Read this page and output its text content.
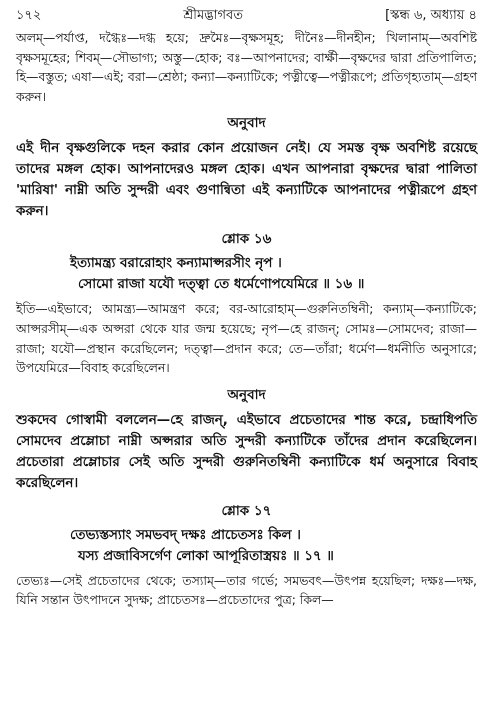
১৭২	শ্রীমদ্ভাগবত	[স্কন্ধ ৬, অধ্যায় ৪

অলম্—পর্যাপ্ত, দগ্ধৈঃ—দগ্ধ হয়ে; দ্রুমৈঃ—বৃক্ষসমূহ; দীনৈঃ—দীনহীন; খিলানাম্—অবশিষ্ট বৃক্ষসমূহের; শিবম্—সৌভাগ্য; অস্তু—হোক; বঃ—আপনাদের; বার্ক্ষী—বৃক্ষদের দ্বারা প্রতিপালিত; হি—বস্তুত; এষা—এই; বরা—শ্রেষ্ঠা; কন্যা—কন্যাটিকে; পত্নীত্বে—পত্নীরূপে; প্রতিগৃহ্যতাম্—গ্রহণ করুন।

অনুবাদ

এই দীন বৃক্ষগুলিকে দহন করার কোন প্রয়োজন নেই। যে সমস্ত বৃক্ষ অবশিষ্ট রয়েছে তাদের মঙ্গল হোক। আপনাদেরও মঙ্গল হোক। এখন আপনারা বৃক্ষদের দ্বারা পালিতা 'মারিষা' নাম্নী অতি সুন্দরী এবং গুণান্বিতা এই কন্যাটিকে আপনাদের পত্নীরূপে গ্রহণ করুন।

শ্লোক ১৬

ইত্যামন্ত্র্য বরারোহাং কন্যামাপ্সরসীং নৃপ ।

সোমো রাজা যযৌ দত্ত্বা তে ধর্মেণোপযেমিরে ॥ ১৬ ॥

ইতি—এইভাবে; আমন্ত্র্য—আমন্ত্রণ করে; বর-আরোহাম্—গুরুনিতম্বিনী; কন্যাম্—কন্যাটিকে; আপ্সরসীম্—এক অপ্সরা থেকে যার জন্ম হয়েছে; নৃপ—হে রাজন্; সোমঃ—সোমদেব; রাজা—রাজা; যযৌ—প্রস্থান করেছিলেন; দত্ত্বা—প্রদান করে; তে—তাঁরা; ধর্মেণ—ধর্মনীতি অনুসারে; উপযেমিরে—বিবাহ করেছিলেন।

অনুবাদ

শুকদেব গোস্বামী বললেন—হে রাজন্, এইভাবে প্রচেতাদের শান্ত করে, চন্দ্রাধিপতি সোমদেব প্রম্লোচা নাম্নী অপ্সরার অতি সুন্দরী কন্যাটিকে তাঁদের প্রদান করেছিলেন। প্রচেতারা প্রম্লোচার সেই অতি সুন্দরী গুরুনিতম্বিনী কন্যাটিকে ধর্ম অনুসারে বিবাহ করেছিলেন।

শ্লোক ১৭

তেভ্যস্তস্যাং সমভবদ্ দক্ষঃ প্রাচেতসঃ কিল ।

যস্য প্রজাবিসর্গেণ লোকা আপূরিতাস্ত্রয়ঃ ॥ ১৭ ॥

তেভ্যঃ—সেই প্রচেতাদের থেকে; তস্যাম্—তার গর্ভে; সমভবৎ—উৎপন্ন হয়েছিল; দক্ষঃ—দক্ষ, যিনি সন্তান উৎপাদনে সুদক্ষ; প্রাচেতসঃ—প্রচেতাদের পুত্র; কিল—
